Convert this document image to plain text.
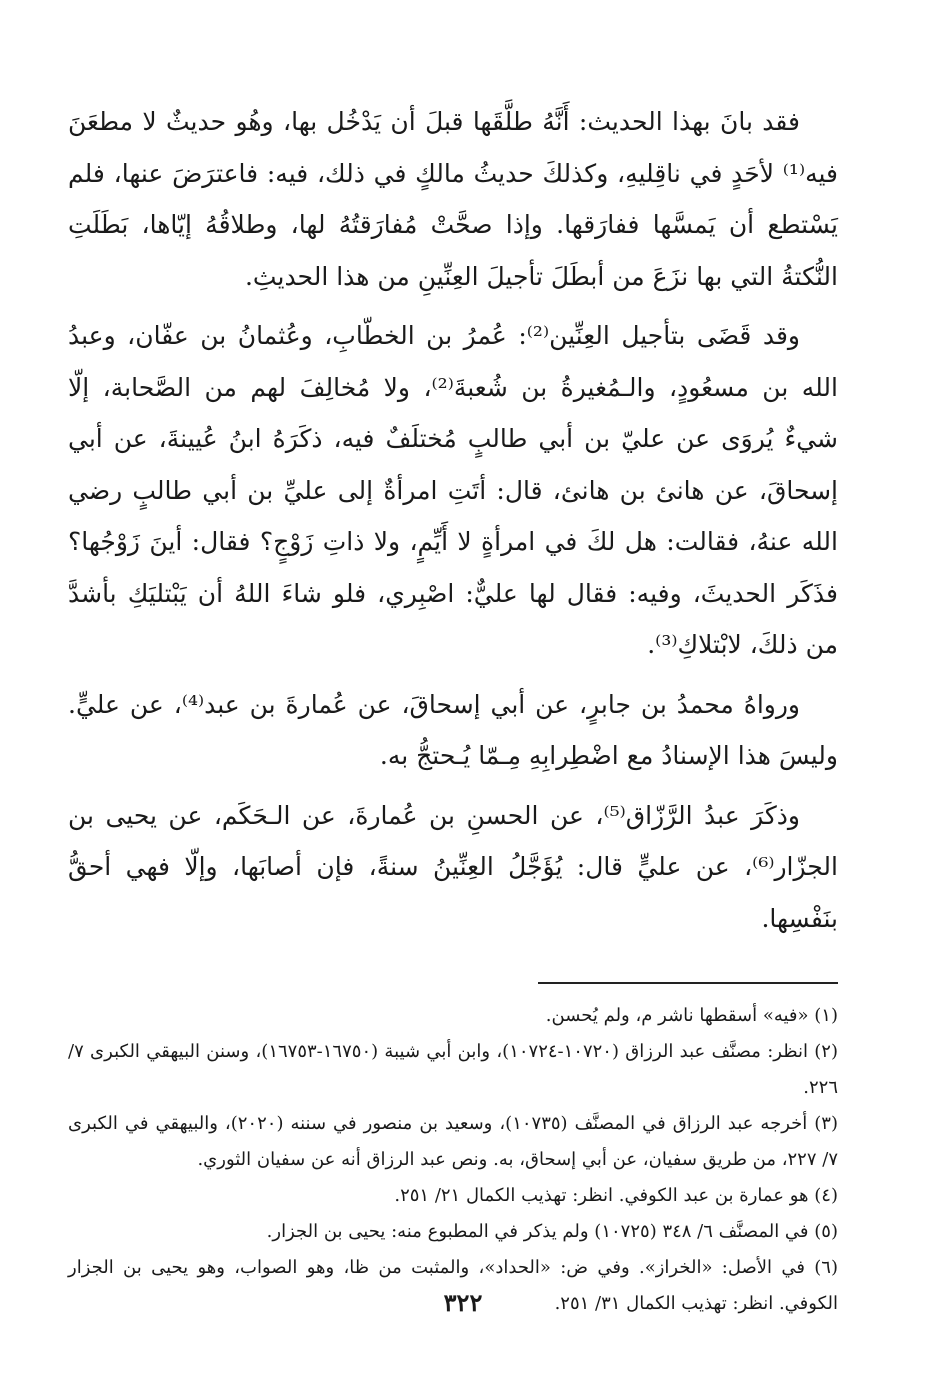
فقد بانَ بهذا الحديث: أَنَّهُ طلَّقَها قبلَ أن يَدْخُل بها، وهُو حديثٌ لا مطعَنَ فيه⁽¹⁾ لأحَدٍ في ناقِليهِ، وكذلكَ حديثُ مالكٍ في ذلك، فيه: فاعترَضَ عنها، فلم يَسْتطع أن يَمسَّها ففارَقها. وإذا صحَّتْ مُفارَقتُهُ لها، وطلاقُهُ إيّاها، بَطَلَتِ النُّكتةُ التي بها نزَعَ من أبطَلَ تأجيلَ العِنِّينِ من هذا الحديثِ.

وقد قَضَى بتأجيل العِنِّين⁽²⁾: عُمرُ بن الخطّابِ، وعُثمانُ بن عفّان، وعبدُ الله بن مسعُودٍ، والـمُغيرةُ بن شُعبةَ⁽²⁾، ولا مُخالِفَ لهم من الصَّحابة، إلّا شيءٌ يُروَى عن عليّ بن أبي طالبٍ مُختلَفٌ فيه، ذكَرَهُ ابنُ عُيينةَ، عن أبي إسحاقَ، عن هانئ بن هانئ، قال: أتَتِ امرأةٌ إلى عليِّ بن أبي طالبٍ رضي الله عنهُ، فقالت: هل لكَ في امرأةٍ لا أَيِّمٍ، ولا ذاتِ زَوْجٍ؟ فقال: أينَ زَوْجُها؟ فذَكَر الحديثَ، وفيه: فقال لها عليٌّ: اصْبِري، فلو شاءَ اللهُ أن يَبْتليَكِ بأشدَّ من ذلكَ، لابْتلاكِ⁽³⁾.

ورواهُ محمدُ بن جابرٍ، عن أبي إسحاقَ، عن عُمارةَ بن عبد⁽⁴⁾، عن عليٍّ. وليسَ هذا الإسنادُ مع اضْطِرابِهِ مِـمّا يُـحتجُّ به.

وذكَرَ عبدُ الرَّزّاق⁽⁵⁾، عن الحسنِ بن عُمارةَ، عن الـحَكَم، عن يحيى بن الجزّار⁽⁶⁾، عن عليٍّ قال: يُؤَجَّلُ العِنِّينُ سنةً، فإن أصابَها، وإلّا فهي أحقُّ بنَفْسِها.

(١) «فيه» أسقطها ناشر م، ولم يُحسن.

(٢) انظر: مصنَّف عبد الرزاق (١٠٧٢٠-١٠٧٢٤)، وابن أبي شيبة (١٦٧٥٠-١٦٧٥٣)، وسنن البيهقي الكبرى ٧/ ٢٢٦.

(٣) أخرجه عبد الرزاق في المصنَّف (١٠٧٣٥)، وسعيد بن منصور في سننه (٢٠٢٠)، والبيهقي في الكبرى ٧/ ٢٢٧، من طريق سفيان، عن أبي إسحاق، به. ونص عبد الرزاق أنه عن سفيان الثوري.

(٤) هو عمارة بن عبد الكوفي. انظر: تهذيب الكمال ٢١/ ٢٥١.

(٥) في المصنَّف ٦/ ٣٤٨ (١٠٧٢٥) ولم يذكر في المطبوع منه: يحيى بن الجزار.

(٦) في الأصل: «الخراز». وفي ض: «الحداد»، والمثبت من ظا، وهو الصواب، وهو يحيى بن الجزار الكوفي. انظر: تهذيب الكمال ٣١/ ٢٥١.

٣٢٢
